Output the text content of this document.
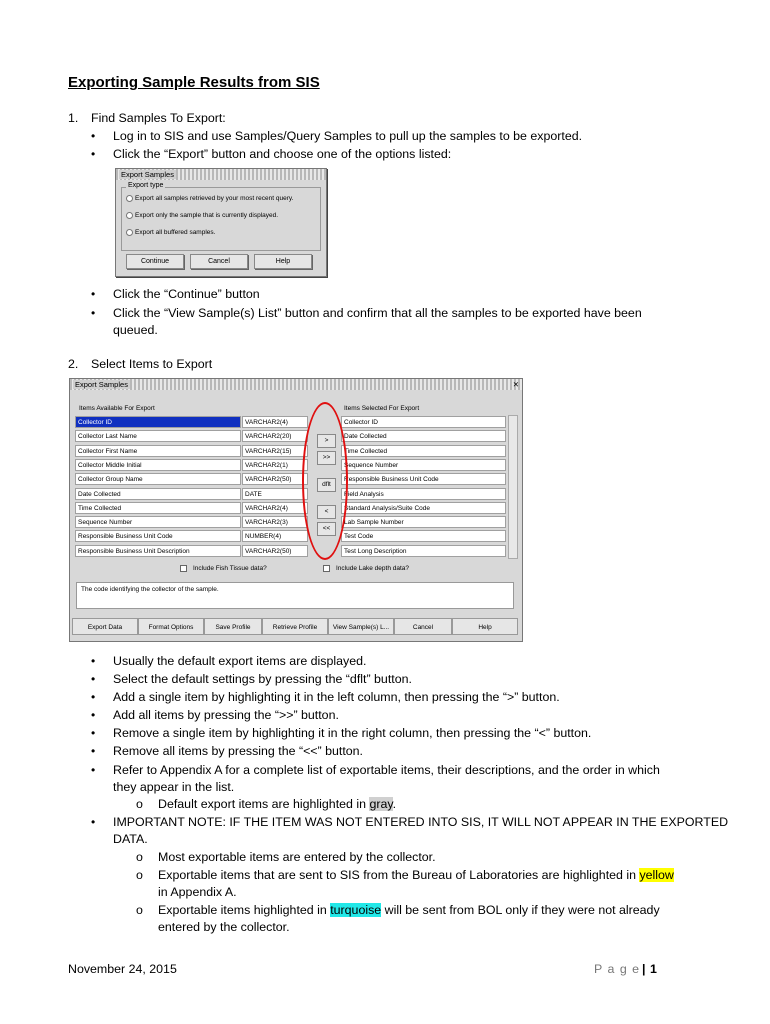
Exporting Sample Results from SIS
1. Find Samples To Export:
• Log in to SIS and use Samples/Query Samples to pull up the samples to be exported.
• Click the “Export” button and choose one of the options listed:
Export Samples
Export type
Export all samples retrieved by your most recent query.
Export only the sample that is currently displayed.
Export all buffered samples.
Continue	Cancel	Help
• Click the “Continue” button
• Click the “View Sample(s) List” button and confirm that all the samples to be exported have been
queued.
2. Select Items to Export
Export Samples	✕
Items Available For Export	Items Selected For Export
Collector ID	VARCHAR2(4)
Collector Last Name	VARCHAR2(20)
Collector First Name	VARCHAR2(15)
Collector Middle Initial	VARCHAR2(1)
Collector Group Name	VARCHAR2(50)
Date Collected	DATE
Time Collected	VARCHAR2(4)
Sequence Number	VARCHAR2(3)
Responsible Business Unit Code	NUMBER(4)
Responsible Business Unit Description	VARCHAR2(50)
Collector ID
Date Collected
Time Collected
Sequence Number
Responsible Business Unit Code
Field Analysis
Standard Analysis/Suite Code
Lab Sample Number
Test Code
Test Long Description
>
>>
dflt
<
<<
Include Fish Tissue data?	Include Lake depth data?
The code identifying the collector of the sample.
Export Data	Format Options	Save Profile	Retrieve Profile	View Sample(s) L...	Cancel	Help
• Usually the default export items are displayed.
• Select the default settings by pressing the “dflt” button.
• Add a single item by highlighting it in the left column, then pressing the “>” button.
• Add all items by pressing the “>>” button.
• Remove a single item by highlighting it in the right column, then pressing the “<” button.
• Remove all items by pressing the “<<” button.
• Refer to Appendix A for a complete list of exportable items, their descriptions, and the order in which
they appear in the list.
o Default export items are highlighted in gray.
• IMPORTANT NOTE: IF THE ITEM WAS NOT ENTERED INTO SIS, IT WILL NOT APPEAR IN THE EXPORTED
DATA.
o Most exportable items are entered by the collector.
o Exportable items that are sent to SIS from the Bureau of Laboratories are highlighted in yellow
in Appendix A.
o Exportable items highlighted in turquoise will be sent from BOL only if they were not already
entered by the collector.
November 24, 2015	P a g e | 1
